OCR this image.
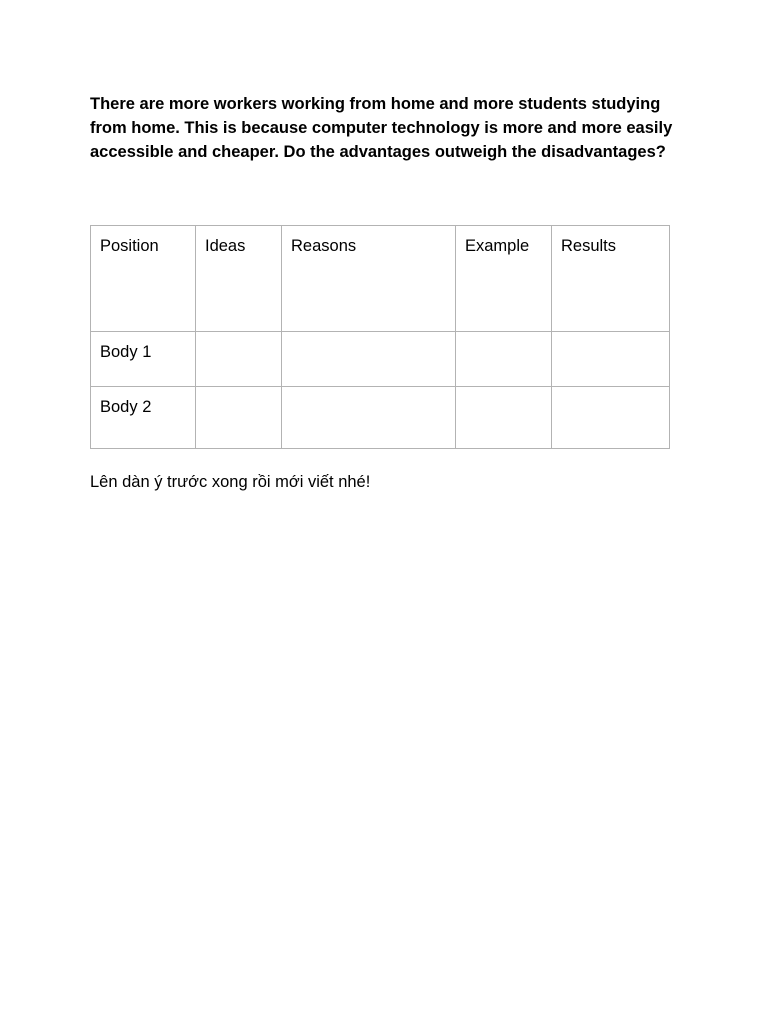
There are more workers working from home and more students studying from home. This is because computer technology is more and more easily accessible and cheaper. Do the advantages outweigh the disadvantages?

Position	Ideas	Reasons	Example	Results
Body 1				
Body 2				

Lên dàn ý trước xong rồi mới viết nhé!
